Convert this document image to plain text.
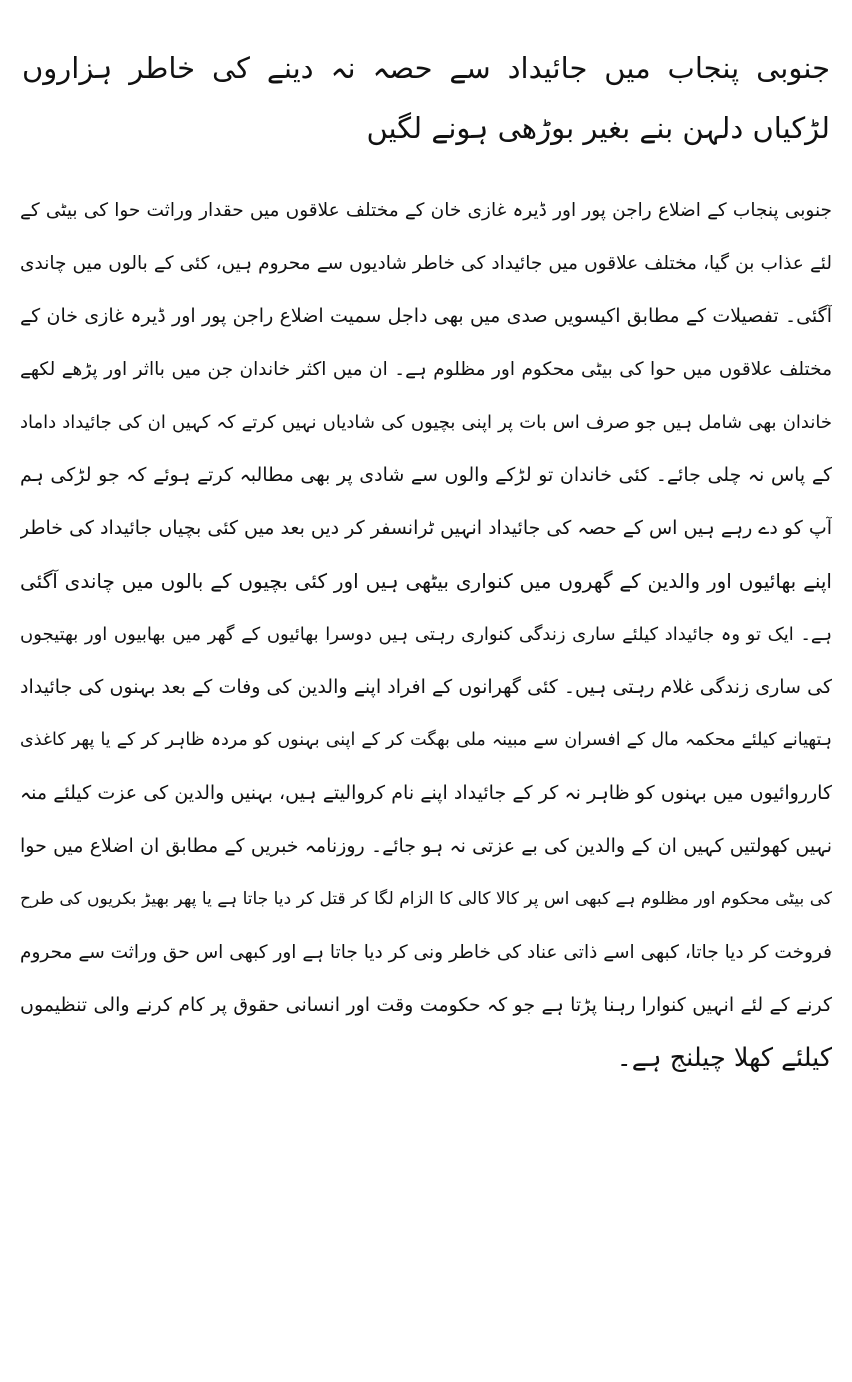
جنوبی پنجاب میں جائیداد سے حصہ نہ دینے کی خاطر ہزاروں لڑکیاں دلہن بنے بغیر بوڑھی ہونے لگیں
جنوبی پنجاب کے اضلاع راجن پور اور ڈیرہ غازی خان کے مختلف علاقوں میں حقدار وراثت حوا کی بیٹی کے
لئے عذاب بن گیا، مختلف علاقوں میں جائیداد کی خاطر شادیوں سے محروم ہیں، کئی کے بالوں میں چاندی
آگئی۔ تفصیلات کے مطابق اکیسویں صدی میں بھی داجل سمیت اضلاع راجن پور اور ڈیرہ غازی خان کے
مختلف علاقوں میں حوا کی بیٹی محکوم اور مظلوم ہے۔ ان میں اکثر خاندان جن میں بااثر اور پڑھے لکھے
خاندان بھی شامل ہیں جو صرف اس بات پر اپنی بچیوں کی شادیاں نہیں کرتے کہ کہیں ان کی جائیداد داماد
کے پاس نہ چلی جائے۔ کئی خاندان تو لڑکے والوں سے شادی پر بھی مطالبہ کرتے ہوئے کہ جو لڑکی ہم
آپ کو دے رہے ہیں اس کے حصہ کی جائیداد انہیں ٹرانسفر کر دیں بعد میں کئی بچیاں جائیداد کی خاطر
اپنے بھائیوں اور والدین کے گھروں میں کنواری بیٹھی ہیں اور کئی بچیوں کے بالوں میں چاندی آگئی
ہے۔ ایک تو وہ جائیداد کیلئے ساری زندگی کنواری رہتی ہیں دوسرا بھائیوں کے گھر میں بھابیوں اور بھتیجوں
کی ساری زندگی غلام رہتی ہیں۔ کئی گھرانوں کے افراد اپنے والدین کی وفات کے بعد بہنوں کی جائیداد
ہتھیانے کیلئے محکمہ مال کے افسران سے مبینہ ملی بھگت کر کے اپنی بہنوں کو مردہ ظاہر کر کے یا پھر کاغذی
کارروائیوں میں بہنوں کو ظاہر نہ کر کے جائیداد اپنے نام کروالیتے ہیں، بہنیں والدین کی عزت کیلئے منہ
نہیں کھولتیں کہیں ان کے والدین کی بے عزتی نہ ہو جائے۔ روزنامہ خبریں کے مطابق ان اضلاع میں حوا
کی بیٹی محکوم اور مظلوم ہے کبھی اس پر کالا کالی کا الزام لگا کر قتل کر دیا جاتا ہے یا پھر بھیڑ بکریوں کی طرح
فروخت کر دیا جاتا، کبھی اسے ذاتی عناد کی خاطر ونی کر دیا جاتا ہے اور کبھی اس حق وراثت سے محروم
کرنے کے لئے انہیں کنوارا رہنا پڑتا ہے جو کہ حکومت وقت اور انسانی حقوق پر کام کرنے والی تنظیموں
کیلئے کھلا چیلنج ہے۔
